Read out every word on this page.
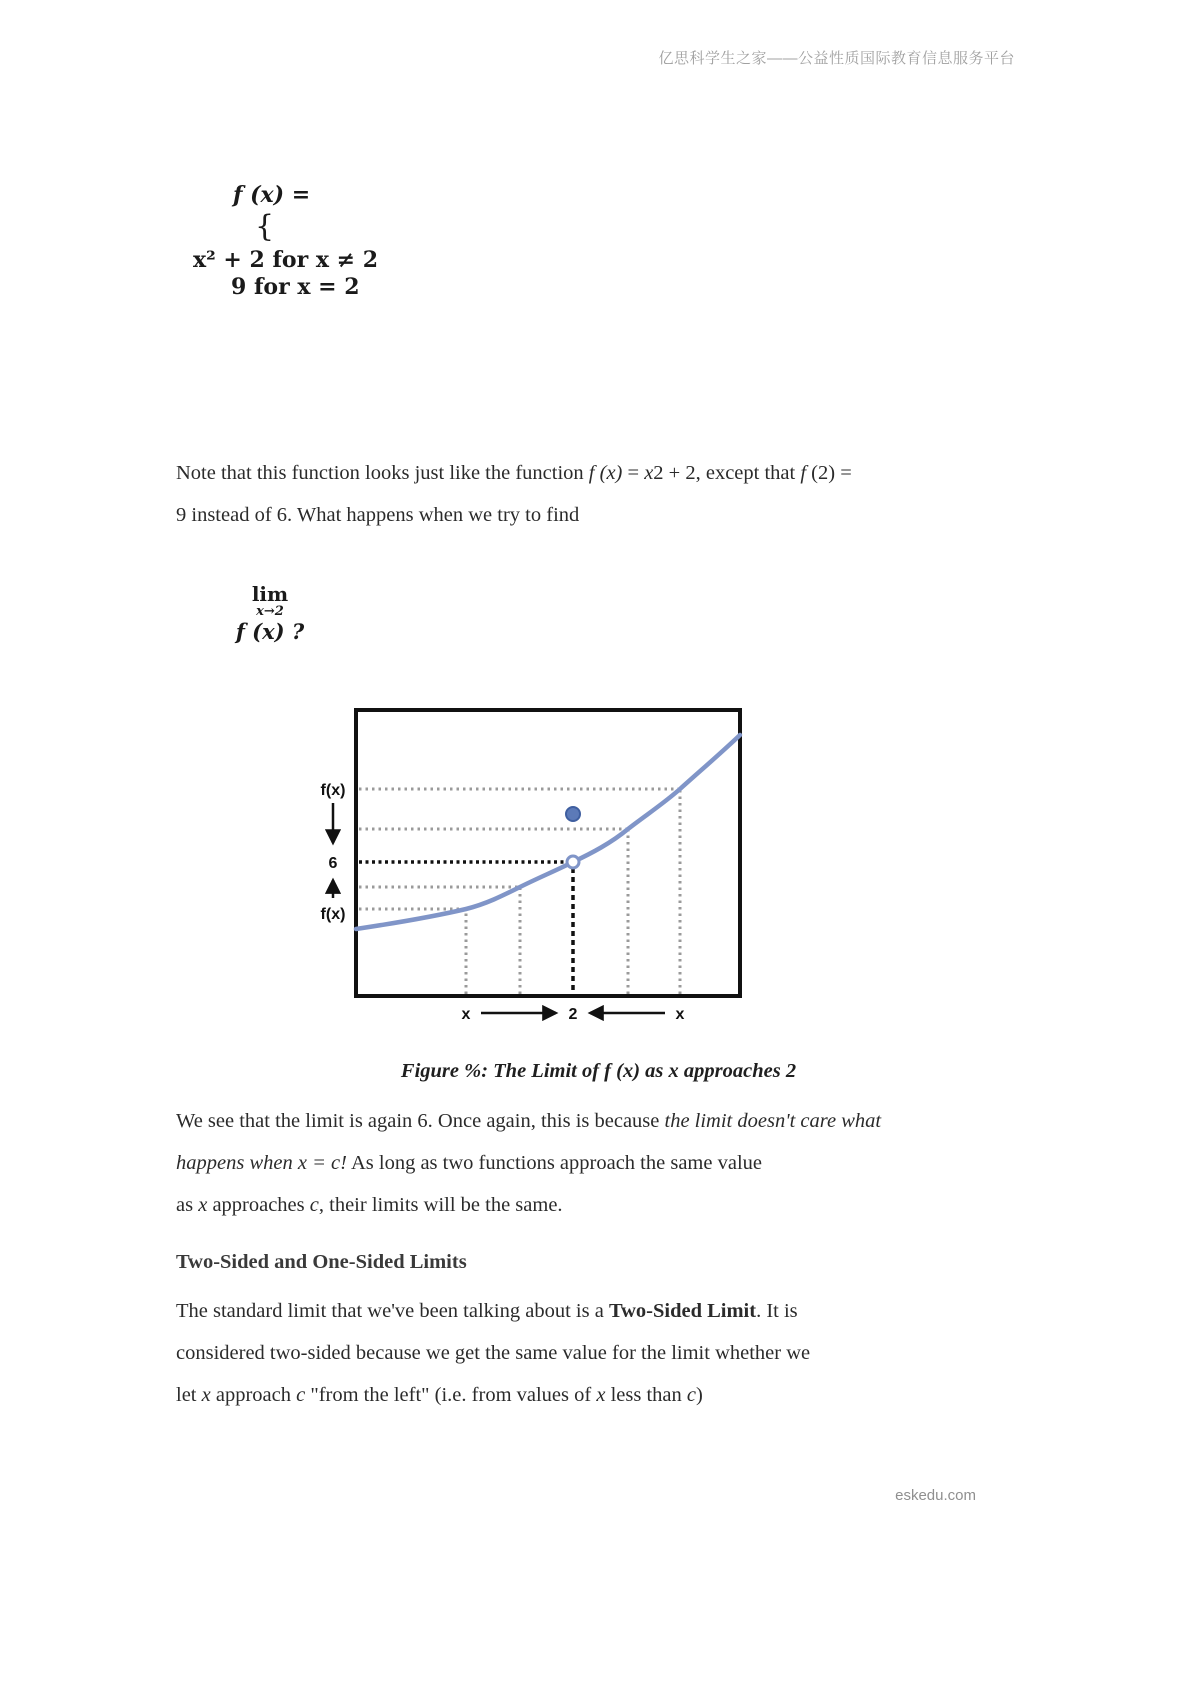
亿思科学生之家——公益性质国际教育信息服务平台
f (x) =
{
x² + 2 for x ≠ 2
9 for x = 2

Note that this function looks just like the function f (x) = x2 + 2, except that f (2) =
9 instead of 6. What happens when we try to find

lim
x→2
f (x) ?
f(x)
6
f(x)
x	2	x
Figure %: The Limit of f (x) as x approaches 2

We see that the limit is again 6. Once again, this is because the limit doesn't care what
happens when x = c! As long as two functions approach the same value
as x approaches c, their limits will be the same.

Two-Sided and One-Sided Limits

The standard limit that we've been talking about is a Two-Sided Limit. It is
considered two-sided because we get the same value for the limit whether we
let x approach c "from the left" (i.e. from values of x less than c)

eskedu.com
